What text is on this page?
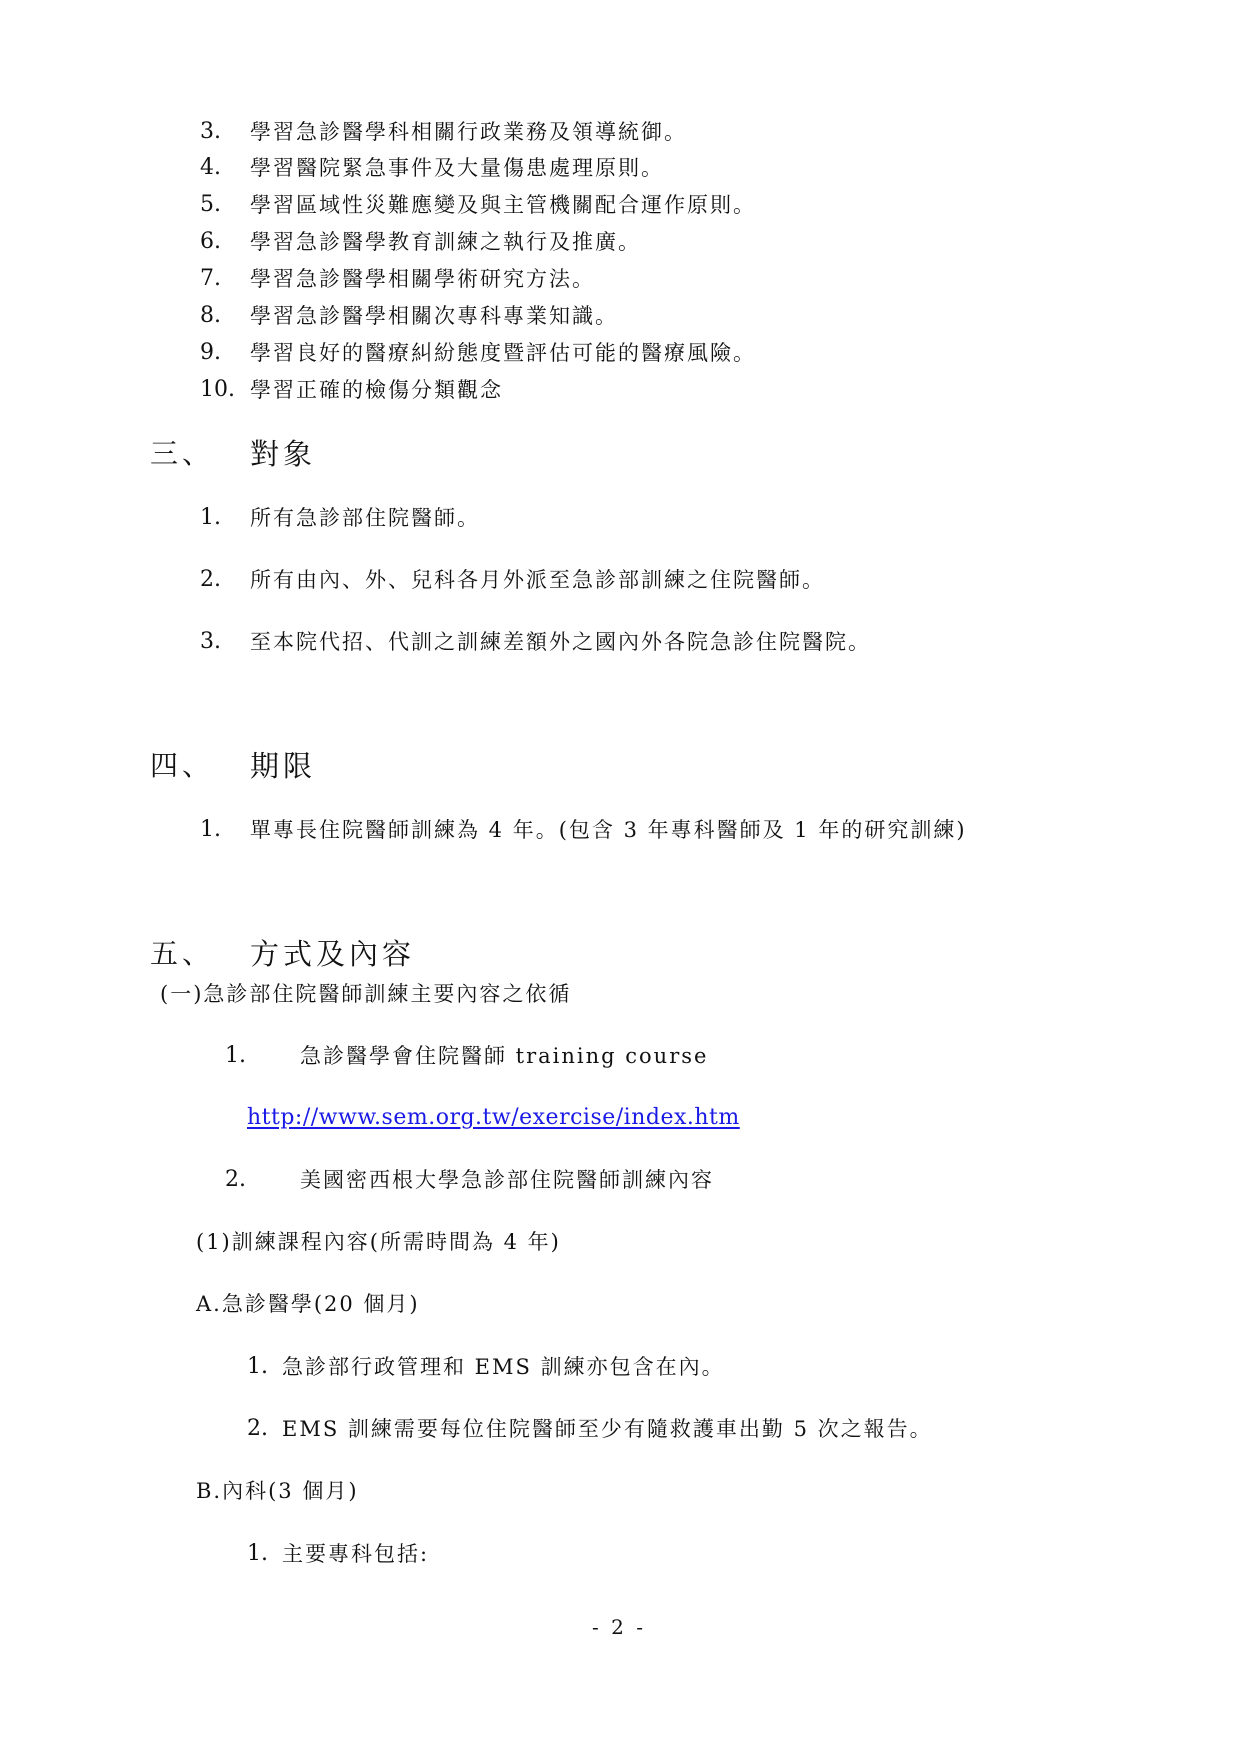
3. 學習急診醫學科相關行政業務及領導統御。
4. 學習醫院緊急事件及大量傷患處理原則。
5. 學習區域性災難應變及與主管機關配合運作原則。
6. 學習急診醫學教育訓練之執行及推廣。
7. 學習急診醫學相關學術研究方法。
8. 學習急診醫學相關次專科專業知識。
9. 學習良好的醫療糾紛態度暨評估可能的醫療風險。
10. 學習正確的檢傷分類觀念
三、 對象
1. 所有急診部住院醫師。
2. 所有由內、外、兒科各月外派至急診部訓練之住院醫師。
3. 至本院代招、代訓之訓練差額外之國內外各院急診住院醫院。
四、 期限
1. 單專長住院醫師訓練為 4 年。(包含 3 年專科醫師及 1 年的研究訓練)
五、 方式及內容
(一)急診部住院醫師訓練主要內容之依循
1.	急診醫學會住院醫師 training course
http://www.sem.org.tw/exercise/index.htm
2.	美國密西根大學急診部住院醫師訓練內容
(1)訓練課程內容(所需時間為 4 年)
A.急診醫學(20 個月)
1. 急診部行政管理和 EMS 訓練亦包含在內。
2. EMS 訓練需要每位住院醫師至少有隨救護車出勤 5 次之報告。
B.內科(3 個月)
1. 主要專科包括:
- 2 -
